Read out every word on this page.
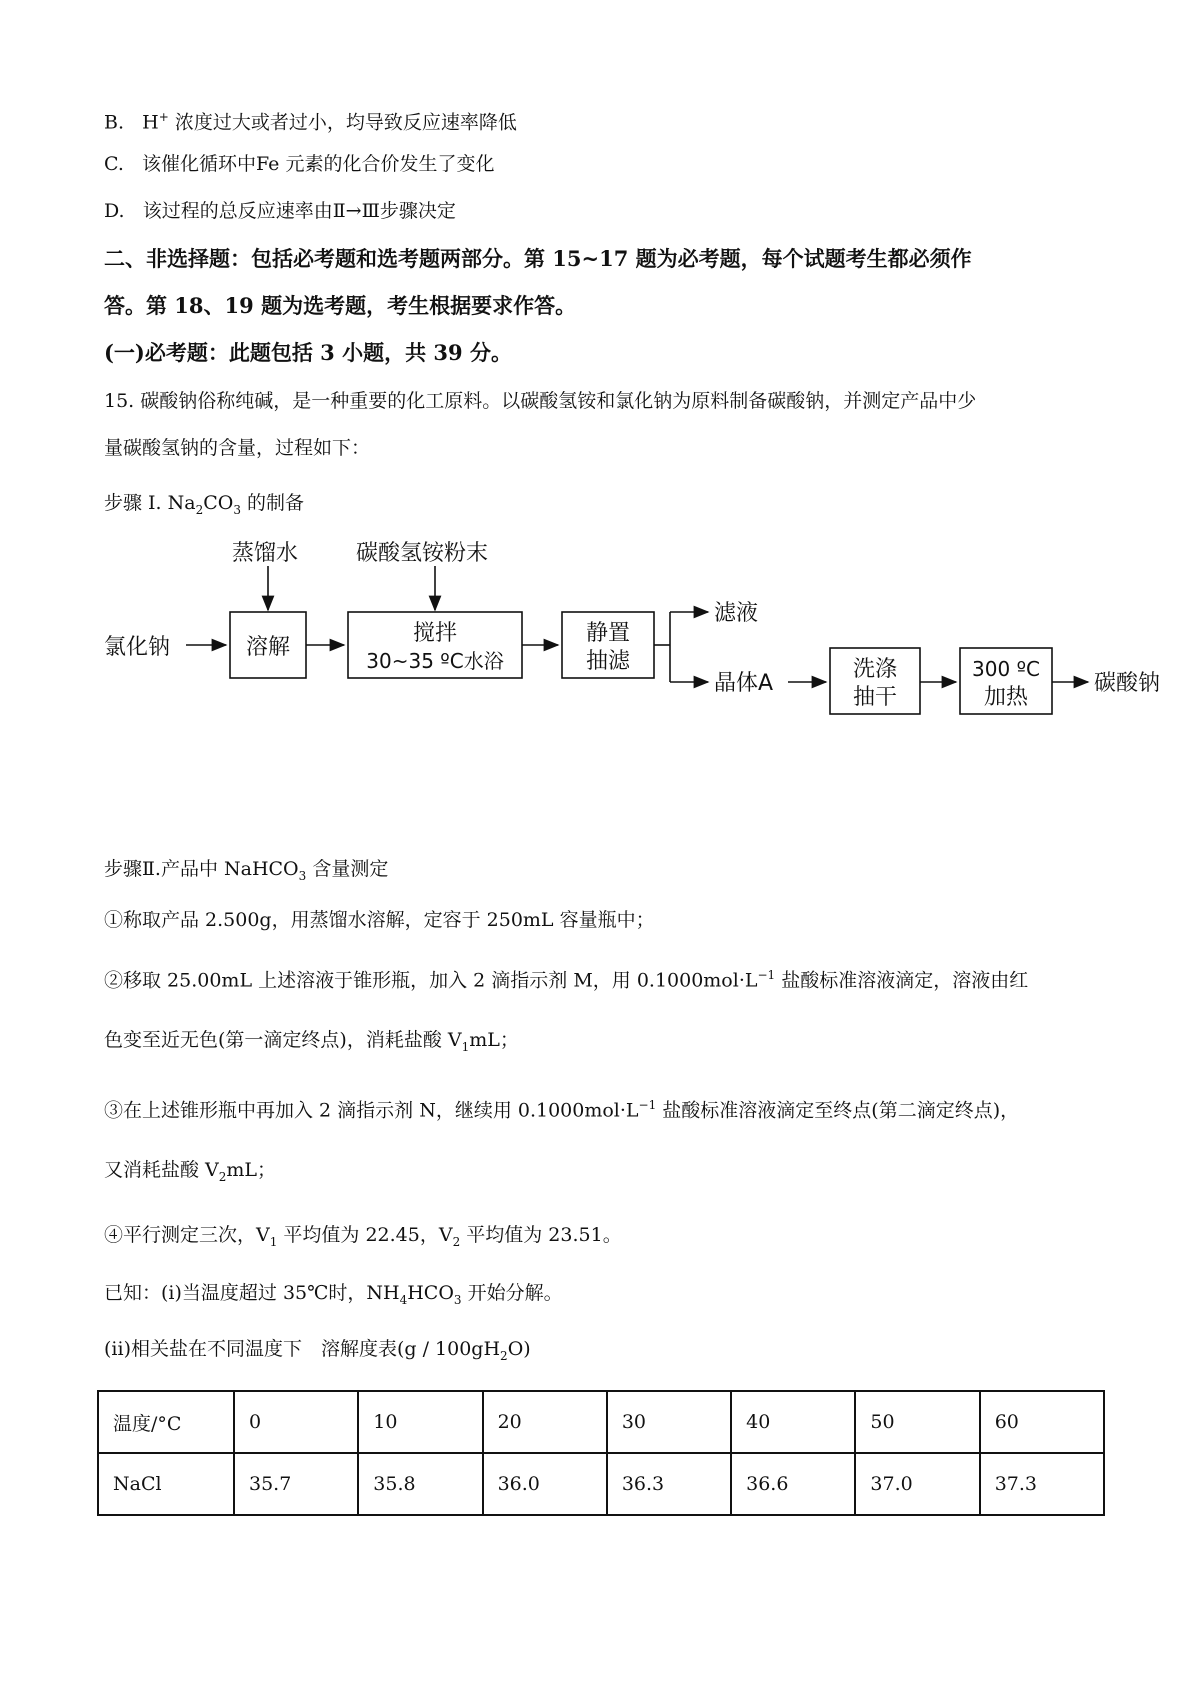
B. H+ 浓度过大或者过小，均导致反应速率降低
C. 该催化循环中Fe 元素的化合价发生了变化
D. 该过程的总反应速率由Ⅱ→Ⅲ步骤决定
二、非选择题：包括必考题和选考题两部分。第 15~17 题为必考题，每个试题考生都必须作
答。第 18、19 题为选考题，考生根据要求作答。
(一)必考题：此题包括 3 小题，共 39 分。
15. 碳酸钠俗称纯碱，是一种重要的化工原料。以碳酸氢铵和氯化钠为原料制备碳酸钠，并测定产品中少
量碳酸氢钠的含量，过程如下：
步骤 I. $Na_2CO_3$ 的制备
蒸馏水	碳酸氢铵粉末
氯化钠	溶解
搅拌
30~35 ºC水浴
静置
抽滤
滤液
晶体A
洗涤
抽干
300 ºC
加热
碳酸钠
步骤Ⅱ.产品中 NaHCO$_3$ 含量测定
①称取产品 2.500g，用蒸馏水溶解，定容于 250mL 容量瓶中；
②移取 25.00mL 上述溶液于锥形瓶，加入 2 滴指示剂 M，用 $0.1000mol\cdot L^{-1}$ 盐酸标准溶液滴定，溶液由红
色变至近无色(第一滴定终点)，消耗盐酸 $V_1mL$；
③在上述锥形瓶中再加入 2 滴指示剂 N，继续用 $0.1000mol\cdot L^{-1}$ 盐酸标准溶液滴定至终点(第二滴定终点)，
又消耗盐酸 $V_2mL$；
④平行测定三次，$V_1$ 平均值为 22.45，$V_2$ 平均值为 23.51。
已知：(i)当温度超过 35℃时，$NH_4HCO_3$ 开始分解。
(ii)相关盐在不同温度下　溶解度表$(g / 100gH_2O)$
温度/°C	0	10	20	30	40	50	60
NaCl	35.7	35.8	36.0	36.3	36.6	37.0	37.3
